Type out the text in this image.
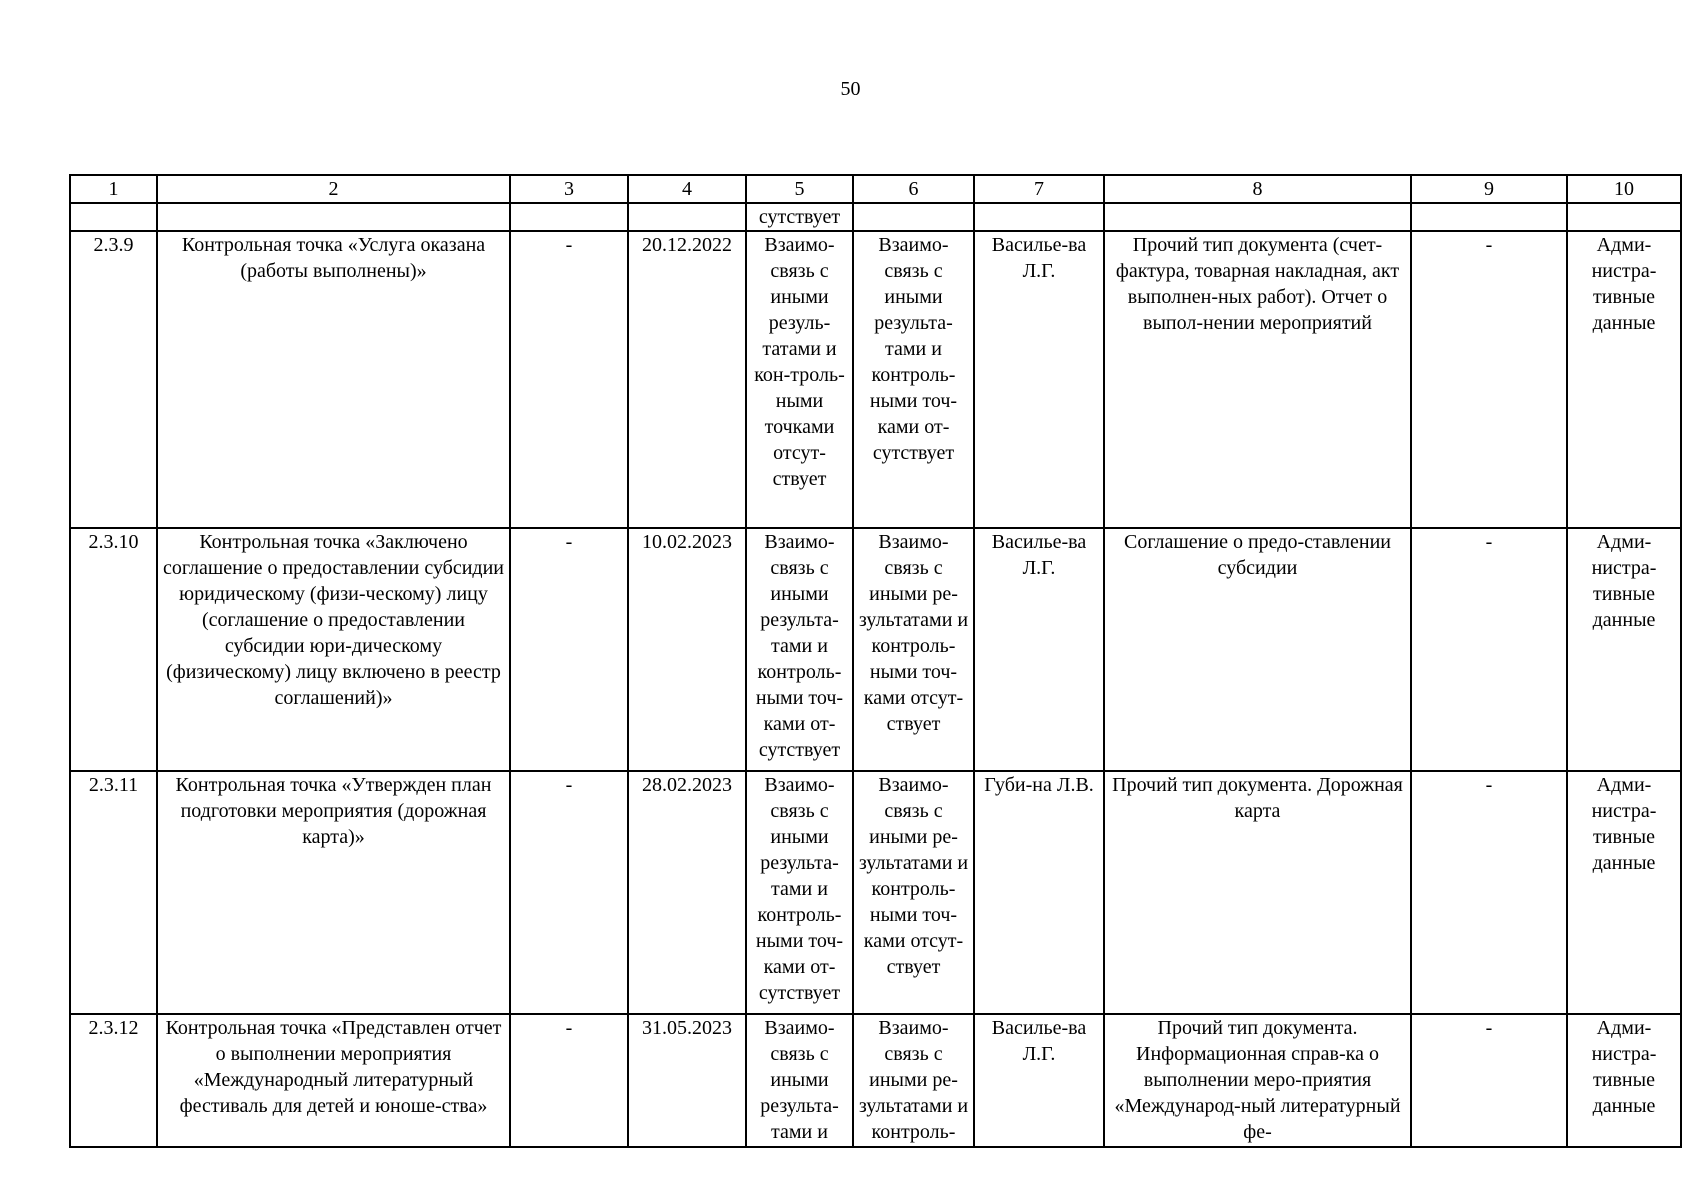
50
1	2	3	4	5	6	7	8	9	10
				сутствует					
2.3.9	Контрольная точка «Услуга оказана (работы выполнены)»	-	20.12.2022	Взаимо-связь с иными резуль-татами и кон-троль-ными точками отсут-ствует	Взаимо-связь с иными результа-тами и контроль-ными точ-ками от-сутствует	Василье-ва Л.Г.	Прочий тип документа (счет-фактура, товарная накладная, акт выполнен-ных работ). Отчет о выпол-нении мероприятий	-	Адми-нистра-тивные данные
2.3.10	Контрольная точка «Заключено соглашение о предоставлении субсидии юридическому (физи-ческому) лицу (соглашение о предоставлении субсидии юри-дическому (физическому) лицу включено в реестр соглашений)»	-	10.02.2023	Взаимо-связь с иными результа-тами и контроль-ными точ-ками от-сутствует	Взаимо-связь с иными ре-зультатами и контроль-ными точ-ками отсут-ствует	Василье-ва Л.Г.	Соглашение о предо-ставлении субсидии	-	Адми-нистра-тивные данные
2.3.11	Контрольная точка «Утвержден план подготовки мероприятия (дорожная карта)»	-	28.02.2023	Взаимо-связь с иными результа-тами и контроль-ными точ-ками от-сутствует	Взаимо-связь с иными ре-зультатами и контроль-ными точ-ками отсут-ствует	Губи-на Л.В.	Прочий тип документа. Дорожная карта	-	Адми-нистра-тивные данные
2.3.12	Контрольная точка «Представлен отчет о выполнении мероприятия «Международный литературный фестиваль для детей и юноше-ства»	-	31.05.2023	Взаимо-связь с иными результа-тами и	Взаимо-связь с иными ре-зультатами и контроль-	Василье-ва Л.Г.	Прочий тип документа. Информационная справ-ка о выполнении меро-приятия «Международ-ный литературный фе-	-	Адми-нистра-тивные данные
